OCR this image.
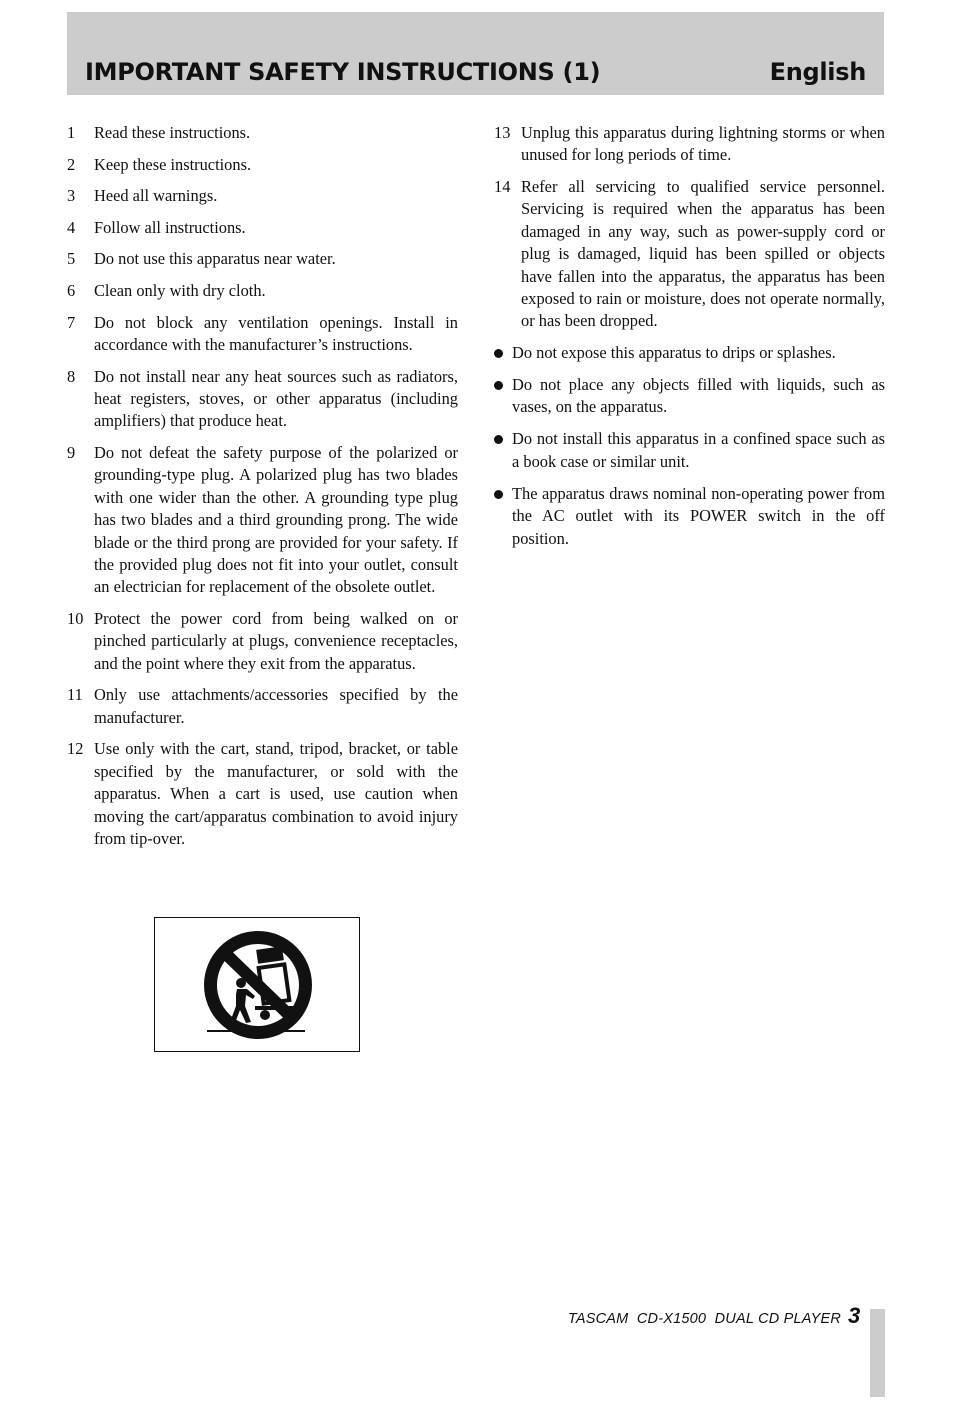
IMPORTANT SAFETY INSTRUCTIONS (1)	English
1 Read these instructions.
2 Keep these instructions.
3 Heed all warnings.
4 Follow all instructions.
5 Do not use this apparatus near water.
6 Clean only with dry cloth.
7 Do not block any ventilation openings. Install in accordance with the manufacturer’s instructions.
8 Do not install near any heat sources such as radiators, heat registers, stoves, or other apparatus (including amplifiers) that produce heat.
9 Do not defeat the safety purpose of the polarized or grounding-type plug. A polarized plug has two blades with one wider than the other. A grounding type plug has two blades and a third grounding prong. The wide blade or the third prong are provided for your safety. If the provided plug does not fit into your outlet, consult an electrician for replacement of the obsolete outlet.
10 Protect the power cord from being walked on or pinched particularly at plugs, convenience receptacles, and the point where they exit from the apparatus.
11 Only use attachments/accessories specified by the manufacturer.
12 Use only with the cart, stand, tripod, bracket, or table specified by the manufacturer, or sold with the apparatus. When a cart is used, use caution when moving the cart/apparatus combination to avoid injury from tip-over.
13 Unplug this apparatus during lightning storms or when unused for long periods of time.
14 Refer all servicing to qualified service personnel. Servicing is required when the apparatus has been damaged in any way, such as power-supply cord or plug is damaged, liquid has been spilled or objects have fallen into the apparatus, the apparatus has been exposed to rain or moisture, does not operate normally, or has been dropped.
Do not expose this apparatus to drips or splashes.
Do not place any objects filled with liquids, such as vases, on the apparatus.
Do not install this apparatus in a confined space such as a book case or similar unit.
The apparatus draws nominal non-operating power from the AC outlet with its POWER switch in the off position.
TASCAM  CD-X1500  DUAL CD PLAYER 3
